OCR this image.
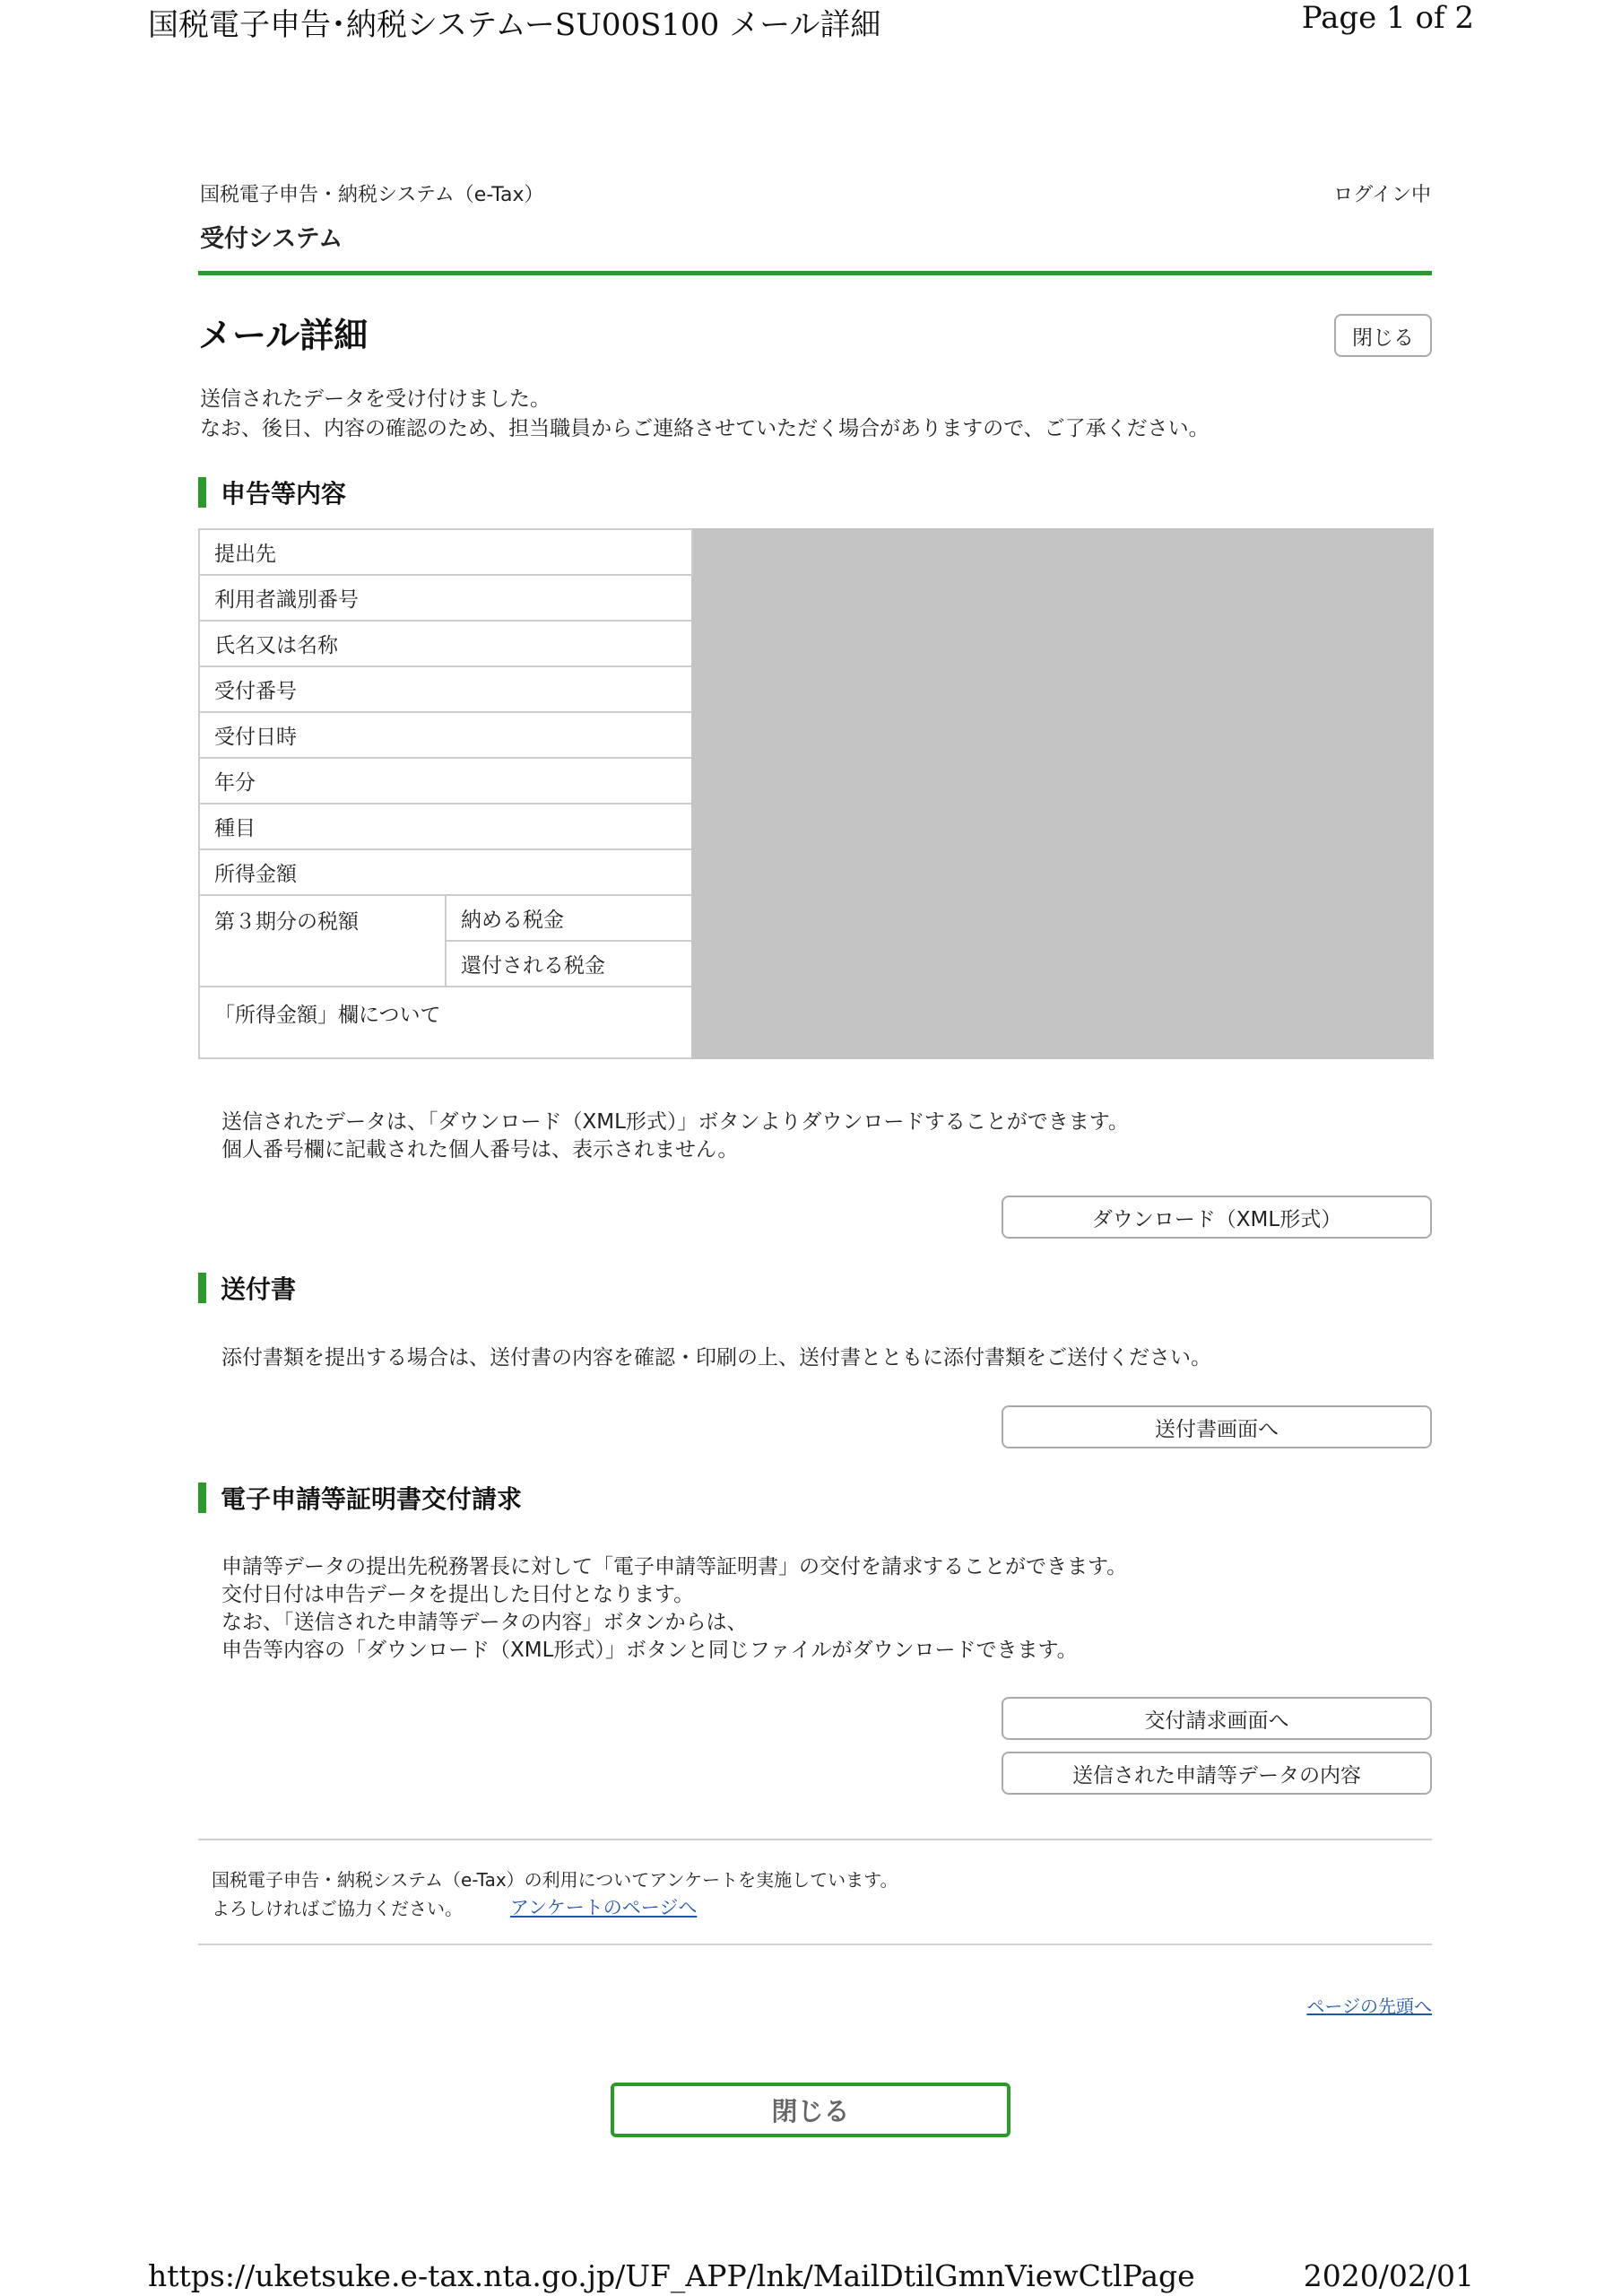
国税電子申告･納税システムーSU00S100 メール詳細	Page 1 of 2
国税電子申告・納税システム（e-Tax）	ログイン中
受付システム
メール詳細	閉じる
送信されたデータを受け付けました。
なお、後日、内容の確認のため、担当職員からご連絡させていただく場合がありますので、ご了承ください。
申告等内容
提出先		
利用者識別番号		
氏名又は名称		
受付番号		
受付日時		
年分		
種目		
所得金額		
第３期分の税額	納める税金	
	還付される税金	
「所得金額」欄について		
送信されたデータは、「ダウンロード（XML形式）」ボタンよりダウンロードすることができます。
個人番号欄に記載された個人番号は、表示されません。
ダウンロード（XML形式）
送付書
添付書類を提出する場合は、送付書の内容を確認・印刷の上、送付書とともに添付書類をご送付ください。
送付書画面へ
電子申請等証明書交付請求
申請等データの提出先税務署長に対して「電子申請等証明書」の交付を請求することができます。
交付日付は申告データを提出した日付となります。
なお、「送信された申請等データの内容」ボタンからは、
申告等内容の「ダウンロード（XML形式）」ボタンと同じファイルがダウンロードできます。
交付請求画面へ
送信された申請等データの内容
国税電子申告・納税システム（e-Tax）の利用についてアンケートを実施しています。
よろしければご協力ください。	アンケートのページへ
ページの先頭へ
閉じる
https://uketsuke.e-tax.nta.go.jp/UF_APP/lnk/MailDtilGmnViewCtlPage	2020/02/01
